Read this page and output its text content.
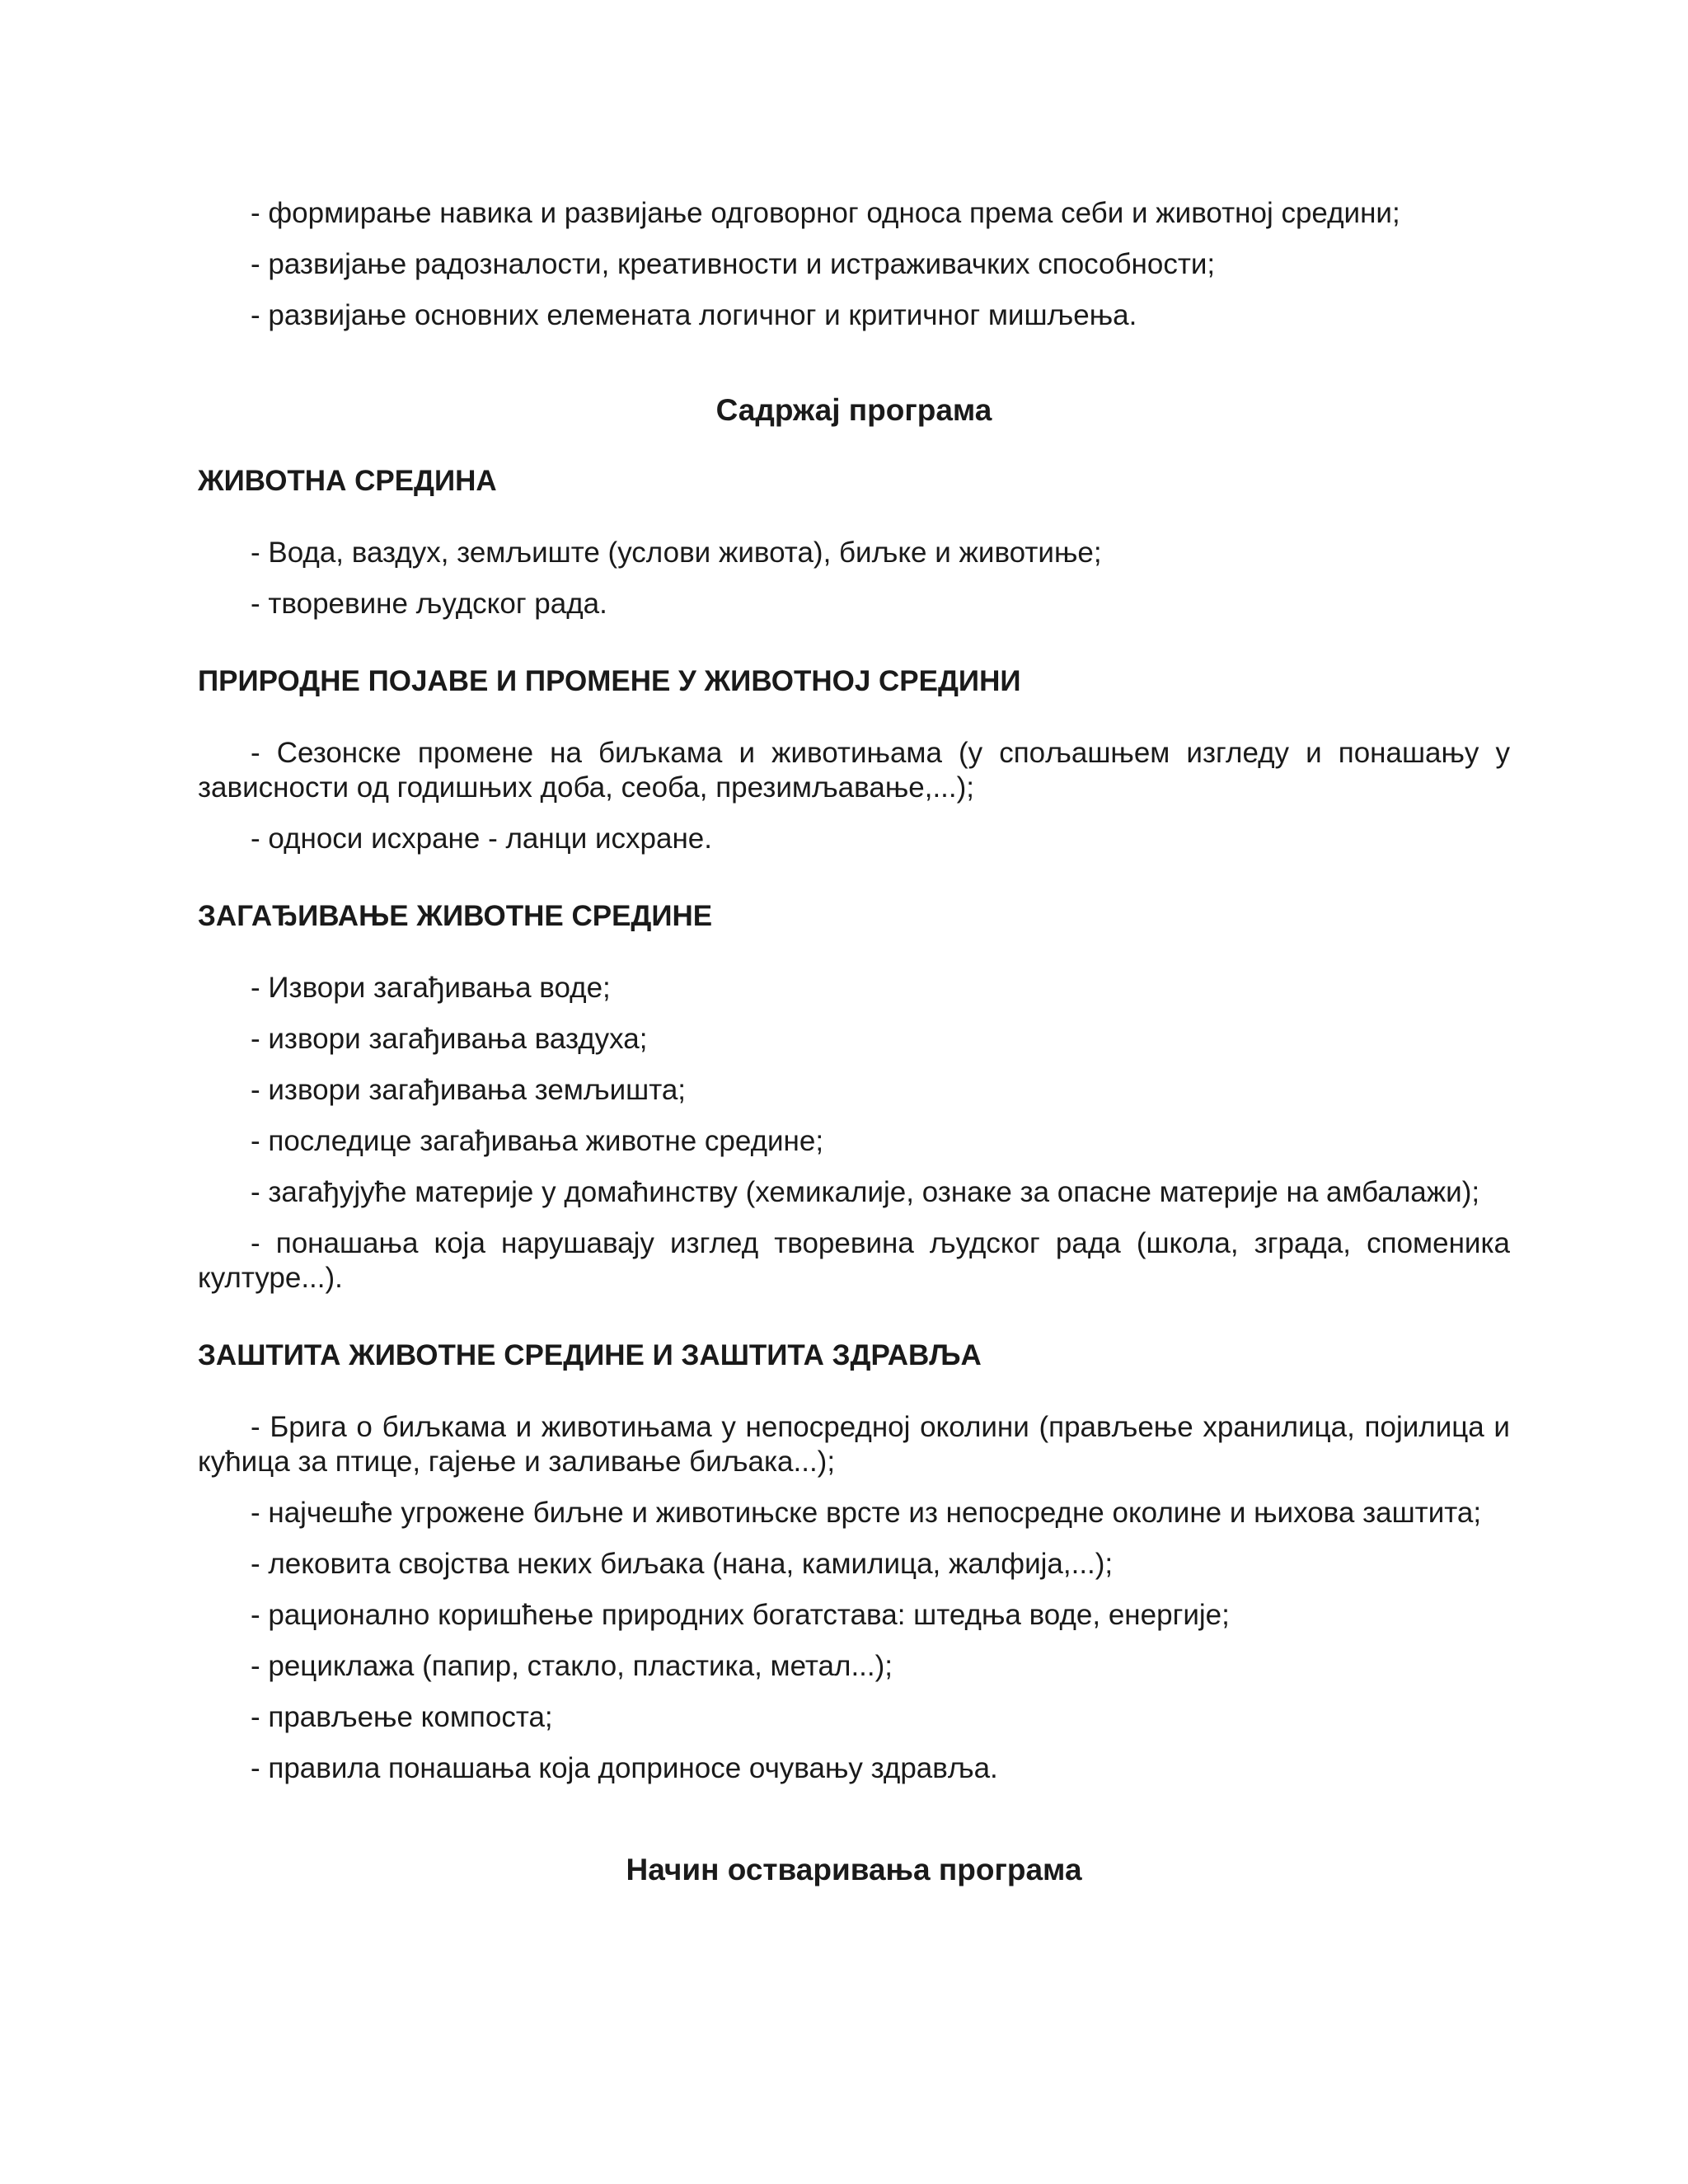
- формирање навика и развијање одговорног односа према себи и животној средини;

- развијање радозналости, креативности и истраживачких способности;

- развијање основних елемената логичног и критичног мишљења.

Садржај програма
ЖИВОТНА СРЕДИНА

- Вода, ваздух, земљиште (услови живота), биљке и животиње;

- творевине људског рада.

ПРИРОДНЕ ПОЈАВЕ И ПРОМЕНЕ У ЖИВОТНОЈ СРЕДИНИ

- Сезонске промене на биљкама и животињама (у спољашњем изгледу и понашању у зависности од годишњих доба, сеоба, презимљавање,...);

- односи исхране - ланци исхране.

ЗАГАЂИВАЊЕ ЖИВОТНЕ СРЕДИНЕ

- Извори загађивања воде;

- извори загађивања ваздуха;

- извори загађивања земљишта;

- последице загађивања животне средине;

- загађујуће материје у домаћинству (хемикалије, ознаке за опасне материје на амбалажи);

- понашања која нарушавају изглед творевина људског рада (школа, зграда, споменика културе...).

ЗАШТИТА ЖИВОТНЕ СРЕДИНЕ И ЗАШТИТА ЗДРАВЉА

- Брига о биљкама и животињама у непосредној околини (прављење хранилица, појилица и кућица за птице, гајење и заливање биљака...);

- најчешће угрожене биљне и животињске врсте из непосредне околине и њихова заштита;

- лековита својства неких биљака (нана, камилица, жалфија,...);

- рационално коришћење природних богатстава: штедња воде, енергије;

- рециклажа (папир, стакло, пластика, метал...);

- прављење компоста;

- правила понашања која доприносе очувању здравља.

Начин остваривања програма
